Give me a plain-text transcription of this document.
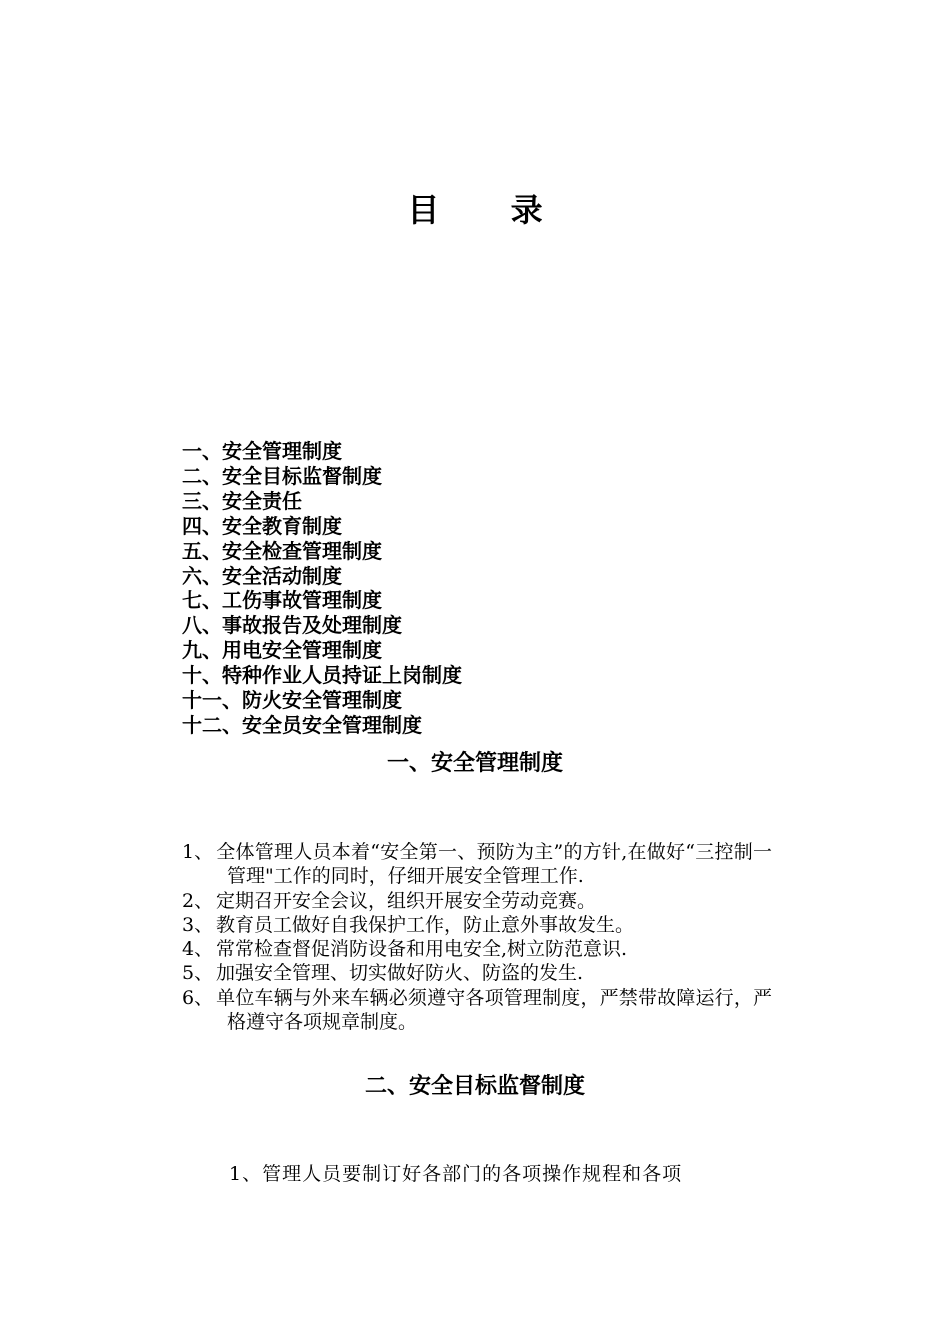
目 录
一、安全管理制度
二、安全目标监督制度
三、安全责任
四、安全教育制度
五、安全检查管理制度
六、安全活动制度
七、工伤事故管理制度
八、事故报告及处理制度
九、用电安全管理制度
十、特种作业人员持证上岗制度
十一、防火安全管理制度
十二、安全员安全管理制度
一、安全管理制度
1、 全体管理人员本着“安全第一、预防为主”的方针,在做好“三控制一管理"工作的同时，仔细开展安全管理工作.
2、 定期召开安全会议，组织开展安全劳动竞赛。
3、 教育员工做好自我保护工作，防止意外事故发生。
4、 常常检查督促消防设备和用电安全,树立防范意识.
5、 加强安全管理、切实做好防火、防盗的发生.
6、 单位车辆与外来车辆必须遵守各项管理制度，严禁带故障运行，严格遵守各项规章制度。
二、安全目标监督制度

1、管理人员要制订好各部门的各项操作规程和各项
